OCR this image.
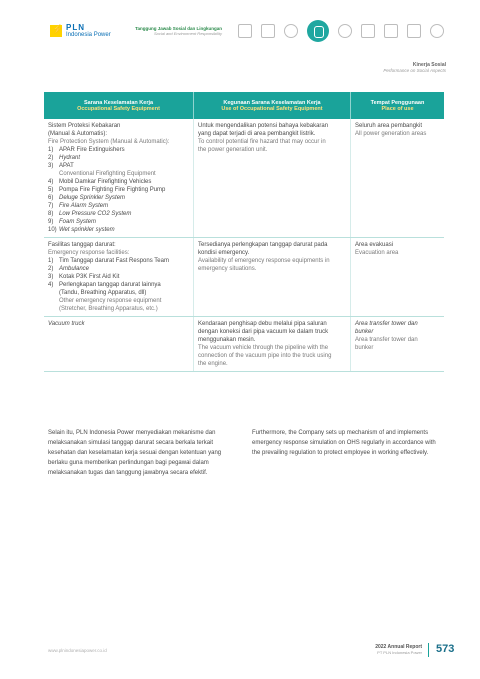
⚡
PLN
Indonesia Power
Tanggung Jawab Sosial dan Lingkungan
Social and Environment Responsibility
Kinerja Sosial
Performance on Social Aspects
Sarana Keselamatan Kerja
Occupational Safety Equipment
Kegunaan Sarana Keselamatan Kerja
Use of Occupational Safety Equipment
Tempat Penggunaan
Place of use
Sistem Proteksi Kebakaran
(Manual & Automatis):
Fire Protection System (Manual & Automatic):
1) APAR Fire Extinguishers
2) Hydrant
3) APAT
Conventional Firefighting Equipment
4) Mobil Damkar Firefighting Vehicles
5) Pompa Fire Fighting Fire Fighting Pump
6) Deluge Sprinkler System
7) Fire Alarm System
8) Low Pressure CO2 System
9) Foam System
10) Wet sprinkler system
Untuk mengendalikan potensi bahaya kebakaran
yang dapat terjadi di area pembangkit listrik.
To control potential fire hazard that may occur in
the power generation unit.
Seluruh area pembangkit
All power generation areas
Fasilitas tanggap darurat:
Emergency response facilities:
1) Tim Tanggap darurat Fast Respons Team
2) Ambulance
3) Kotak P3K First Aid Kit
4) Perlengkapan tanggap darurat lainnya
(Tandu, Breathing Apparatus, dll)
Other emergency response equipment
(Stretcher, Breathing Apparatus, etc.)
Tersedianya perlengkapan tanggap darurat pada
kondisi emergency.
Availability of emergency response equipments in
emergency situations.
Area evakuasi
Evacuation area
Vacuum truck	Kendaraan penghisap debu melalui pipa saluran
dengan koneksi dari pipa vacuum ke dalam truck
menggunakan mesin.
The vacuum vehicle through the pipeline with the
connection of the vacuum pipe into the truck using
the engine.
Area transfer tower dan
bunker
Area transfer tower dan
bunker
Selain itu, PLN Indonesia Power menyediakan mekanisme dan
melaksanakan simulasi tanggap darurat secara berkala terkait
kesehatan dan keselamatan kerja sesuai dengan ketentuan yang
berlaku guna memberikan perlindungan bagi pegawai dalam
melaksanakan tugas dan tanggung jawabnya secara efektif.
Furthermore, the Company sets up mechanism of and implements
emergency response simulation on OHS regularly in accordance with
the prevailing regulation to protect employee in working effectively.
www.plnindonesiapower.co.id
2022 Annual Report
PT PLN Indonesia Power 573
